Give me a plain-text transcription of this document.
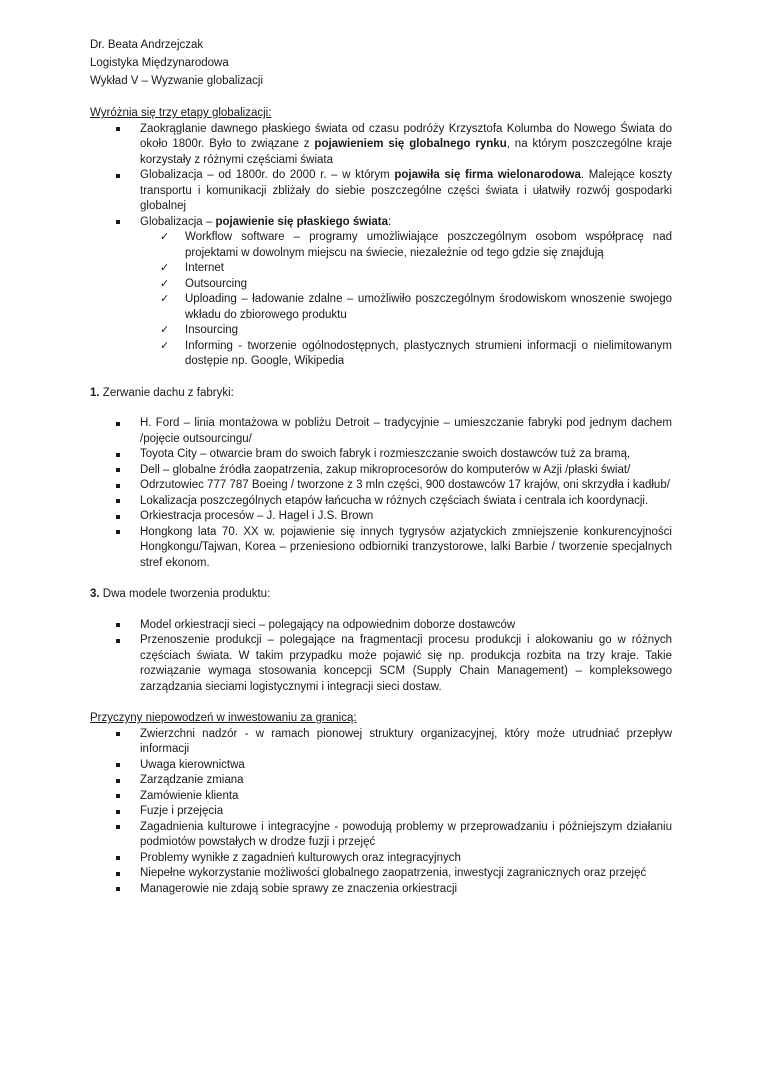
Dr. Beata Andrzejczak
Logistyka Międzynarodowa
Wykład V – Wyzwanie globalizacji
Wyróżnia się trzy etapy globalizacji:
Zaokrąglanie dawnego płaskiego świata od czasu podróży Krzysztofa Kolumba do Nowego Świata do około 1800r. Było to związane z pojawieniem się globalnego rynku, na którym poszczególne kraje korzystały z różnymi częściami świata
Globalizacja – od 1800r. do 2000 r. – w którym pojawiła się firma wielonarodowa. Malejące koszty transportu i komunikacji zbliżały do siebie poszczególne części świata i ułatwiły rozwój gospodarki globalnej
Globalizacja – pojawienie się płaskiego świata:
✓ Workflow software – programy umożliwiające poszczególnym osobom współpracę nad projektami w dowolnym miejscu na świecie, niezależnie od tego gdzie się znajdują
✓ Internet
✓ Outsourcing
✓ Uploading – ładowanie zdalne – umożliwiło poszczególnym środowiskom wnoszenie swojego wkładu do zbiorowego produktu
✓ Insourcing
✓ Informing - tworzenie ogólnodostępnych, plastycznych strumieni informacji o nielimitowanym dostępie np. Google, Wikipedia
1. Zerwanie dachu z fabryki:
H. Ford – linia montażowa w pobliżu Detroit – tradycyjnie – umieszczanie fabryki pod jednym dachem /pojęcie outsourcingu/
Toyota City – otwarcie bram do swoich fabryk i rozmieszczanie swoich dostawców tuż za bramą,
Dell – globalne źródła zaopatrzenia, zakup mikroprocesorów do komputerów w Azji /płaski świat/
Odrzutowiec 777 787 Boeing / tworzone z 3 mln części, 900 dostawców 17 krajów, oni skrzydła i kadłub/
Lokalizacja poszczególnych etapów łańcucha w różnych częściach świata i centrala ich koordynacji.
Orkiestracja procesów – J. Hagel i J.S. Brown
Hongkong lata 70. XX w. pojawienie się innych tygrysów azjatyckich zmniejszenie konkurencyjności Hongkongu/Tajwan, Korea – przeniesiono odbiorniki tranzystorowe, lalki Barbie / tworzenie specjalnych stref ekonom.
3. Dwa modele tworzenia produktu:
Model orkiestracji sieci – polegający na odpowiednim doborze dostawców
Przenoszenie produkcji – polegające na fragmentacji procesu produkcji i alokowaniu go w różnych częściach świata. W takim przypadku może pojawić się np. produkcja rozbita na trzy kraje. Takie rozwiązanie wymaga stosowania koncepcji SCM (Supply Chain Management) – kompleksowego zarządzania sieciami logistycznymi i integracji sieci dostaw.
Przyczyny niepowodzeń w inwestowaniu za granicą:
Zwierzchni nadzór - w ramach pionowej struktury organizacyjnej, który może utrudniać przepływ informacji
Uwaga kierownictwa
Zarządzanie zmiana
Zamówienie klienta
Fuzje i przejęcia
Zagadnienia kulturowe i integracyjne - powodują problemy w przeprowadzaniu i późniejszym działaniu podmiotów powstałych w drodze fuzji i przejęć
Problemy wynikłe z zagadnień kulturowych oraz integracyjnych
Niepełne wykorzystanie możliwości globalnego zaopatrzenia, inwestycji zagranicznych oraz przejęć
Managerowie nie zdają sobie sprawy ze znaczenia orkiestracji
